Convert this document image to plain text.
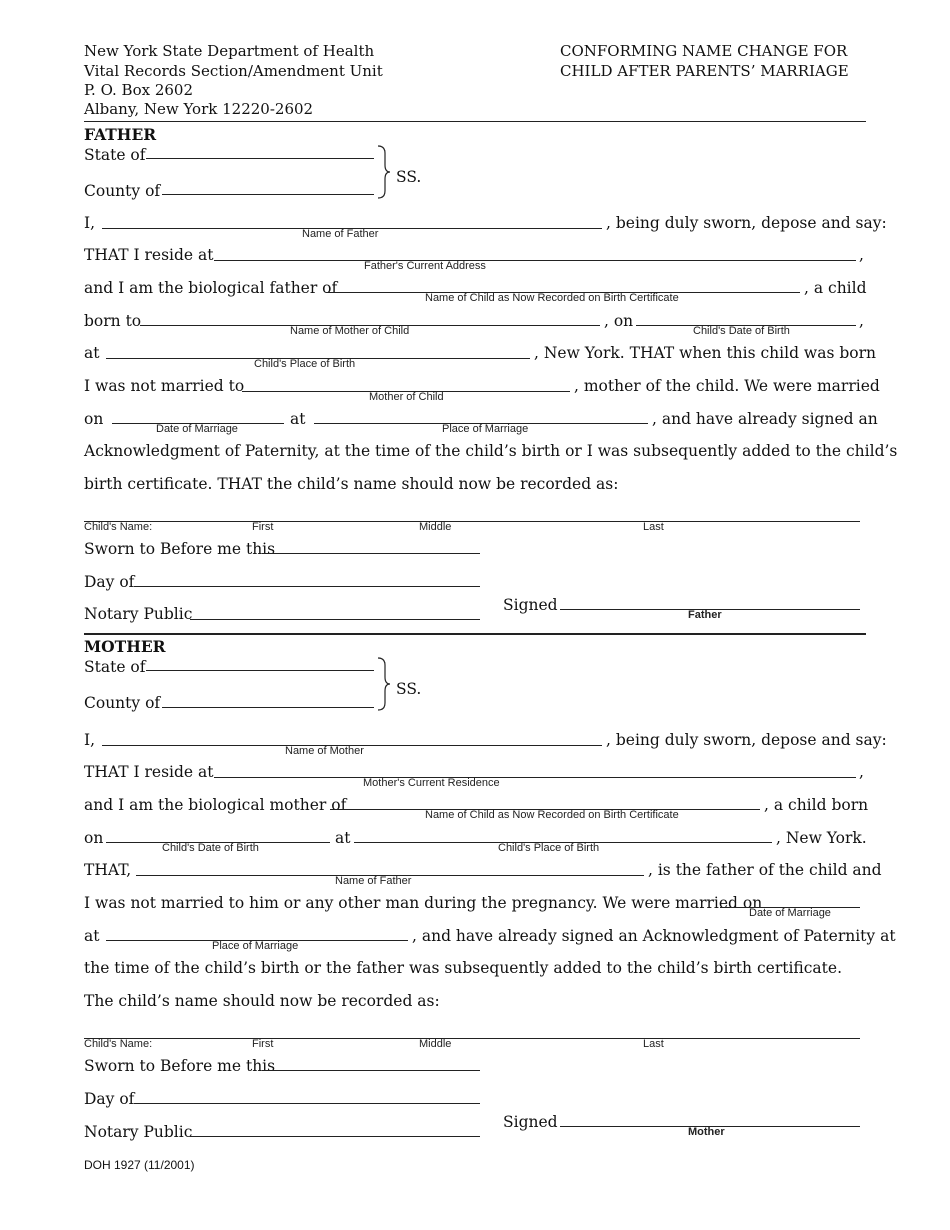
New York State Department of Health
Vital Records Section/Amendment Unit
P. O. Box 2602
Albany, New York 12220-2602
CONFORMING NAME CHANGE FOR
CHILD AFTER PARENTS’ MARRIAGE
FATHER
State of
County of
SS.
I,
Name of Father
, being duly sworn, depose and say:
THAT I reside at
Father's Current Address
,
and I am the biological father of
Name of Child as Now Recorded on Birth Certificate
, a child
born to
Name of Mother of Child
, on
Child's Date of Birth
,
at
Child's Place of Birth
, New York. THAT when this child was born
I was not married to
Mother of Child
, mother of the child. We were married
on
Date of Marriage
at
Place of Marriage
, and have already signed an
Acknowledgment of Paternity, at the time of the child’s birth or I was subsequently added to the child’s
birth certificate. THAT the child’s name should now be recorded as:
Child's Name:	First	Middle	Last
Sworn to Before me this
Day of
Notary Public	Signed
Father
MOTHER
State of
County of
SS.
I,
Name of Mother
, being duly sworn, depose and say:
THAT I reside at
Mother's Current Residence
,
and I am the biological mother of
Name of Child as Now Recorded on Birth Certificate
, a child born
on
Child's Date of Birth
at
Child's Place of Birth
, New York.
THAT,
Name of Father
, is the father of the child and
I was not married to him or any other man during the pregnancy. We were married on
Date of Marriage
at
Place of Marriage
, and have already signed an Acknowledgment of Paternity at
the time of the child’s birth or the father was subsequently added to the child’s birth certificate.
The child’s name should now be recorded as:
Child's Name:	First	Middle	Last
Sworn to Before me this
Day of
Notary Public
Signed
Mother
DOH 1927 (11/2001)
